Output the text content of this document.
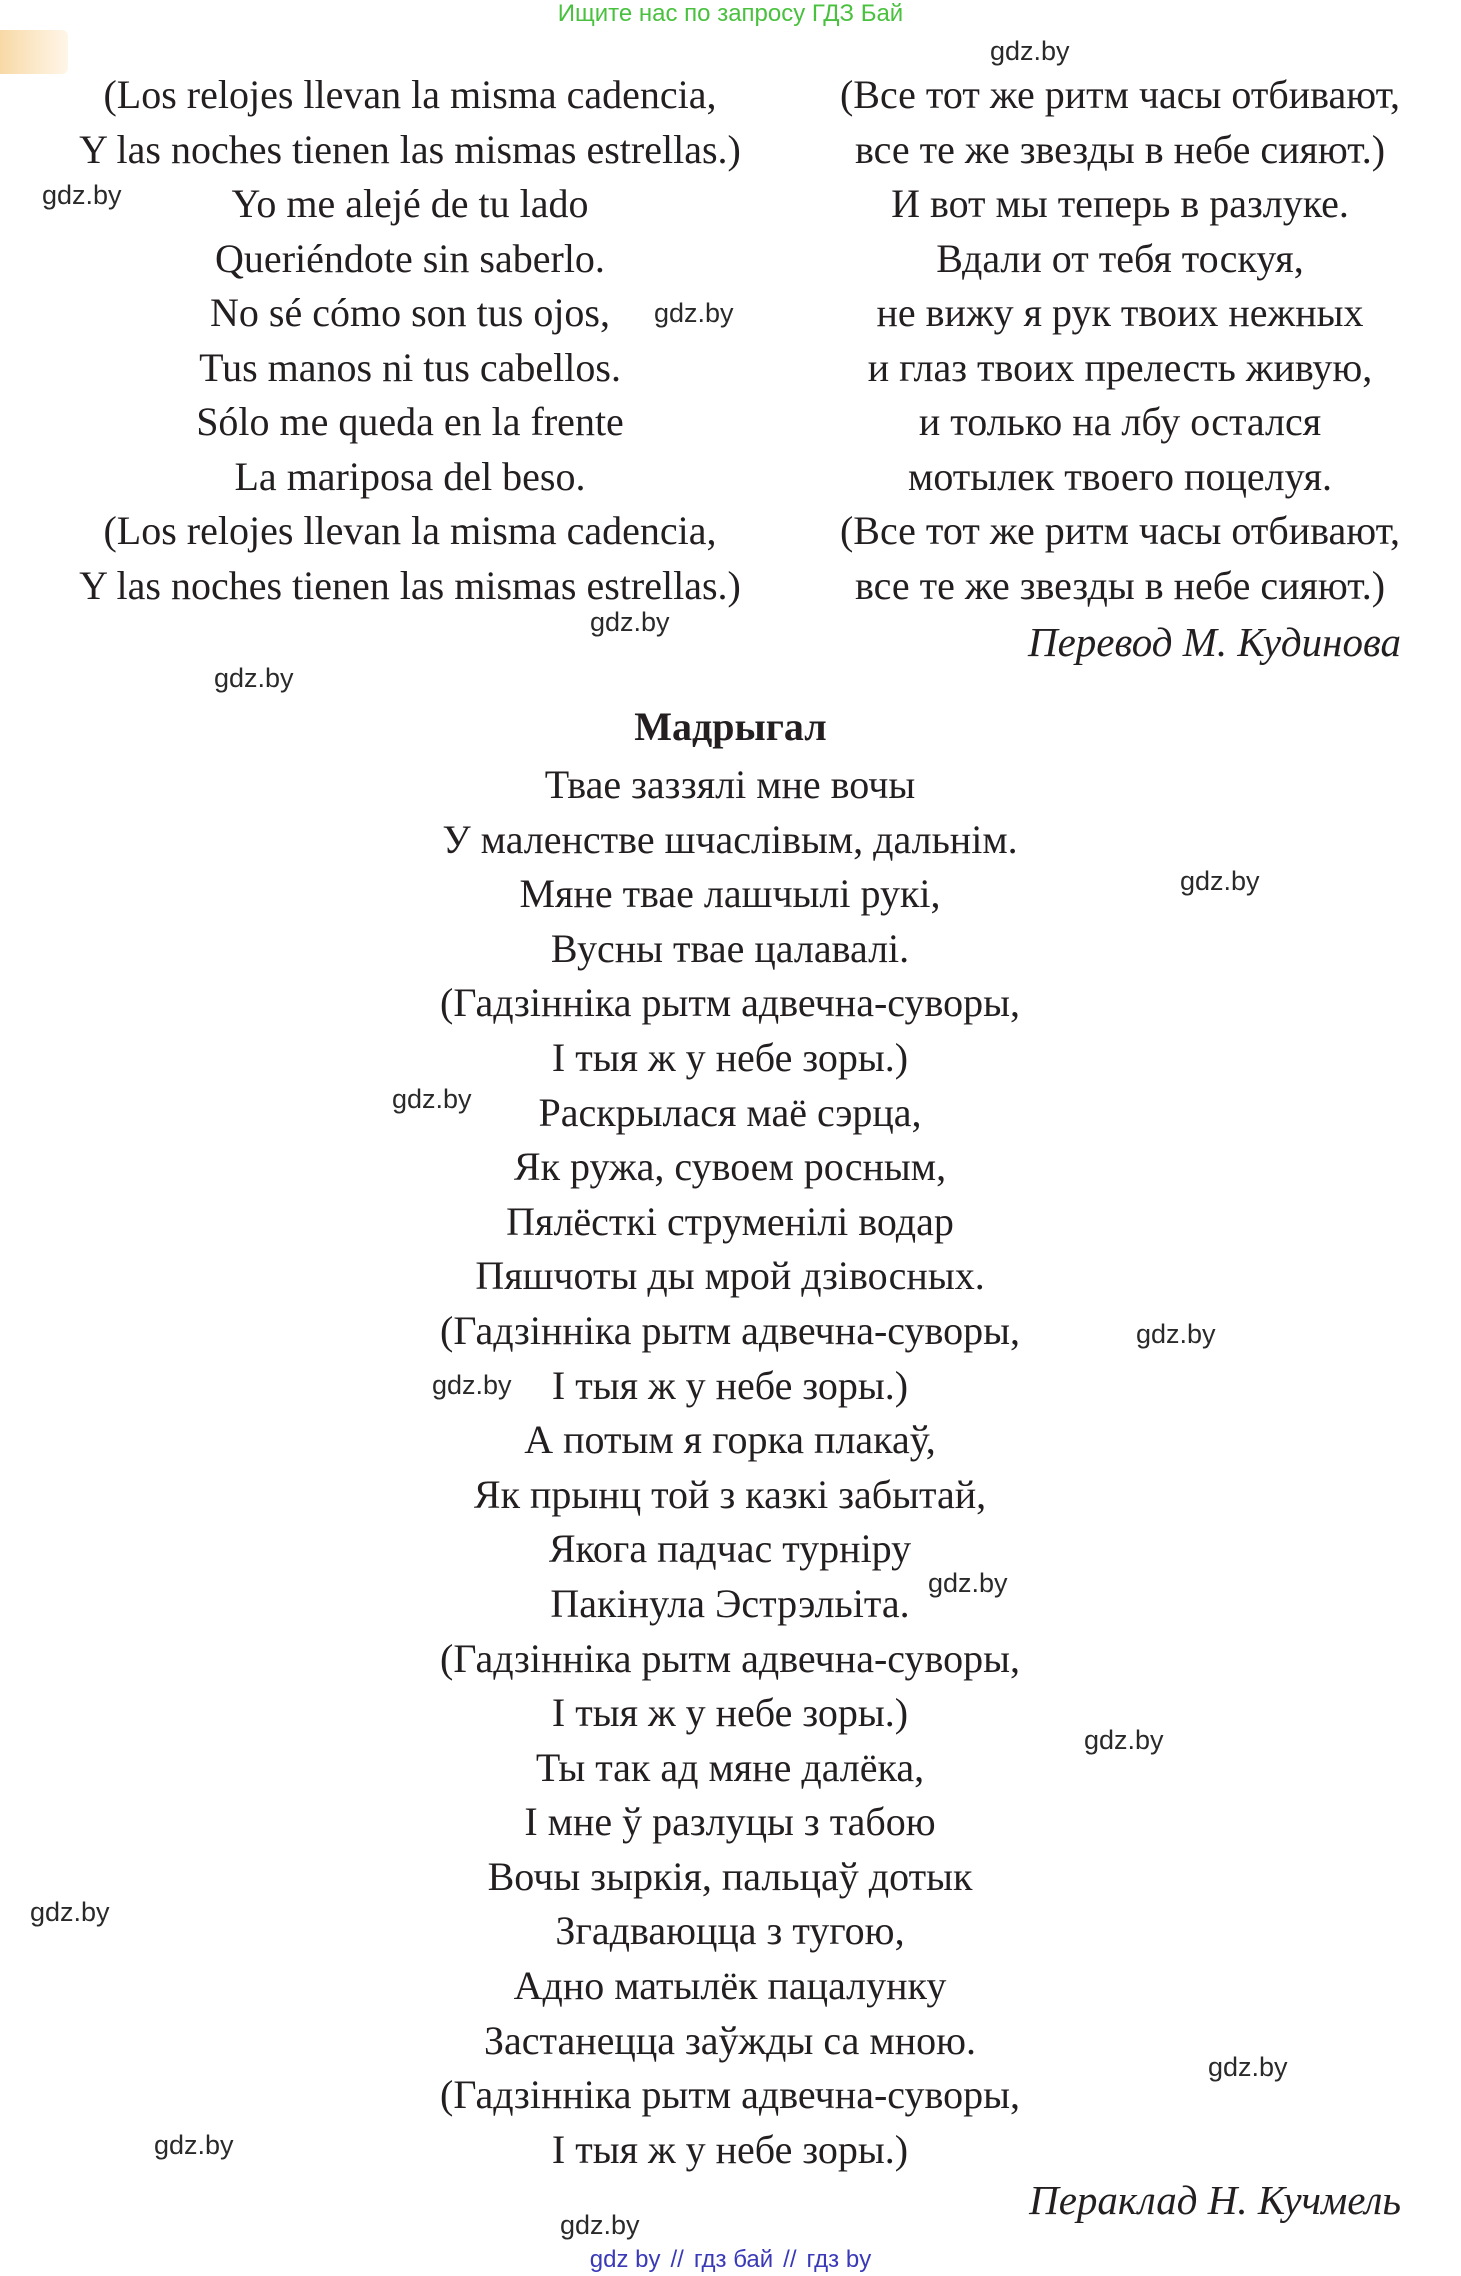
Ищите нас по запросу ГДЗ Бай
(Los relojes llevan la misma cadencia,
Y las noches tienen las mismas estrellas.)
Yo me alejé de tu lado
Queriéndote sin saberlo.
No sé cómo son tus ojos,
Tus manos ni tus cabellos.
Sólo me queda en la frente
La mariposa del beso.
(Los relojes llevan la misma cadencia,
Y las noches tienen las mismas estrellas.)
(Все тот же ритм часы отбивают,
все те же звезды в небе сияют.)
И вот мы теперь в разлуке.
Вдали от тебя тоскуя,
не вижу я рук твоих нежных
и глаз твоих прелесть живую,
и только на лбу остался
мотылек твоего поцелуя.
(Все тот же ритм часы отбивают,
все те же звезды в небе сияют.)
Перевод М. Кудинова
Мадрыгал
Твае заззялі мне вочы
У маленстве шчаслівым, дальнім.
Мяне твае лашчылі рукі,
Вусны твае цалавалі.
(Гадзінніка рытм адвечна-суворы,
І тыя ж у небе зоры.)
Раскрылася маё сэрца,
Як ружа, сувоем росным,
Пялёсткі струменілі водар
Пяшчоты ды мрой дзівосных.
(Гадзінніка рытм адвечна-суворы,
І тыя ж у небе зоры.)
А потым я горка плакаў,
Як прынц той з казкі забытай,
Якога падчас турніру
Пакінула Эстрэльіта.
(Гадзінніка рытм адвечна-суворы,
І тыя ж у небе зоры.)
Ты так ад мяне далёка,
І мне ў разлуцы з табою
Вочы зыркія, пальцаў дотык
Згадваюцца з тугою,
Адно матылёк пацалунку
Застанецца заўжды са мною.
(Гадзінніка рытм адвечна-суворы,
І тыя ж у небе зоры.)
Пераклад Н. Кучмель
gdz.by
gdz.by
gdz.by
gdz.by
gdz.by
gdz.by
gdz.by
gdz.by
gdz.by
gdz.by
gdz.by
gdz.by
gdz.by
gdz.by
gdz.by
gdz by // гдз бай // гдз by
